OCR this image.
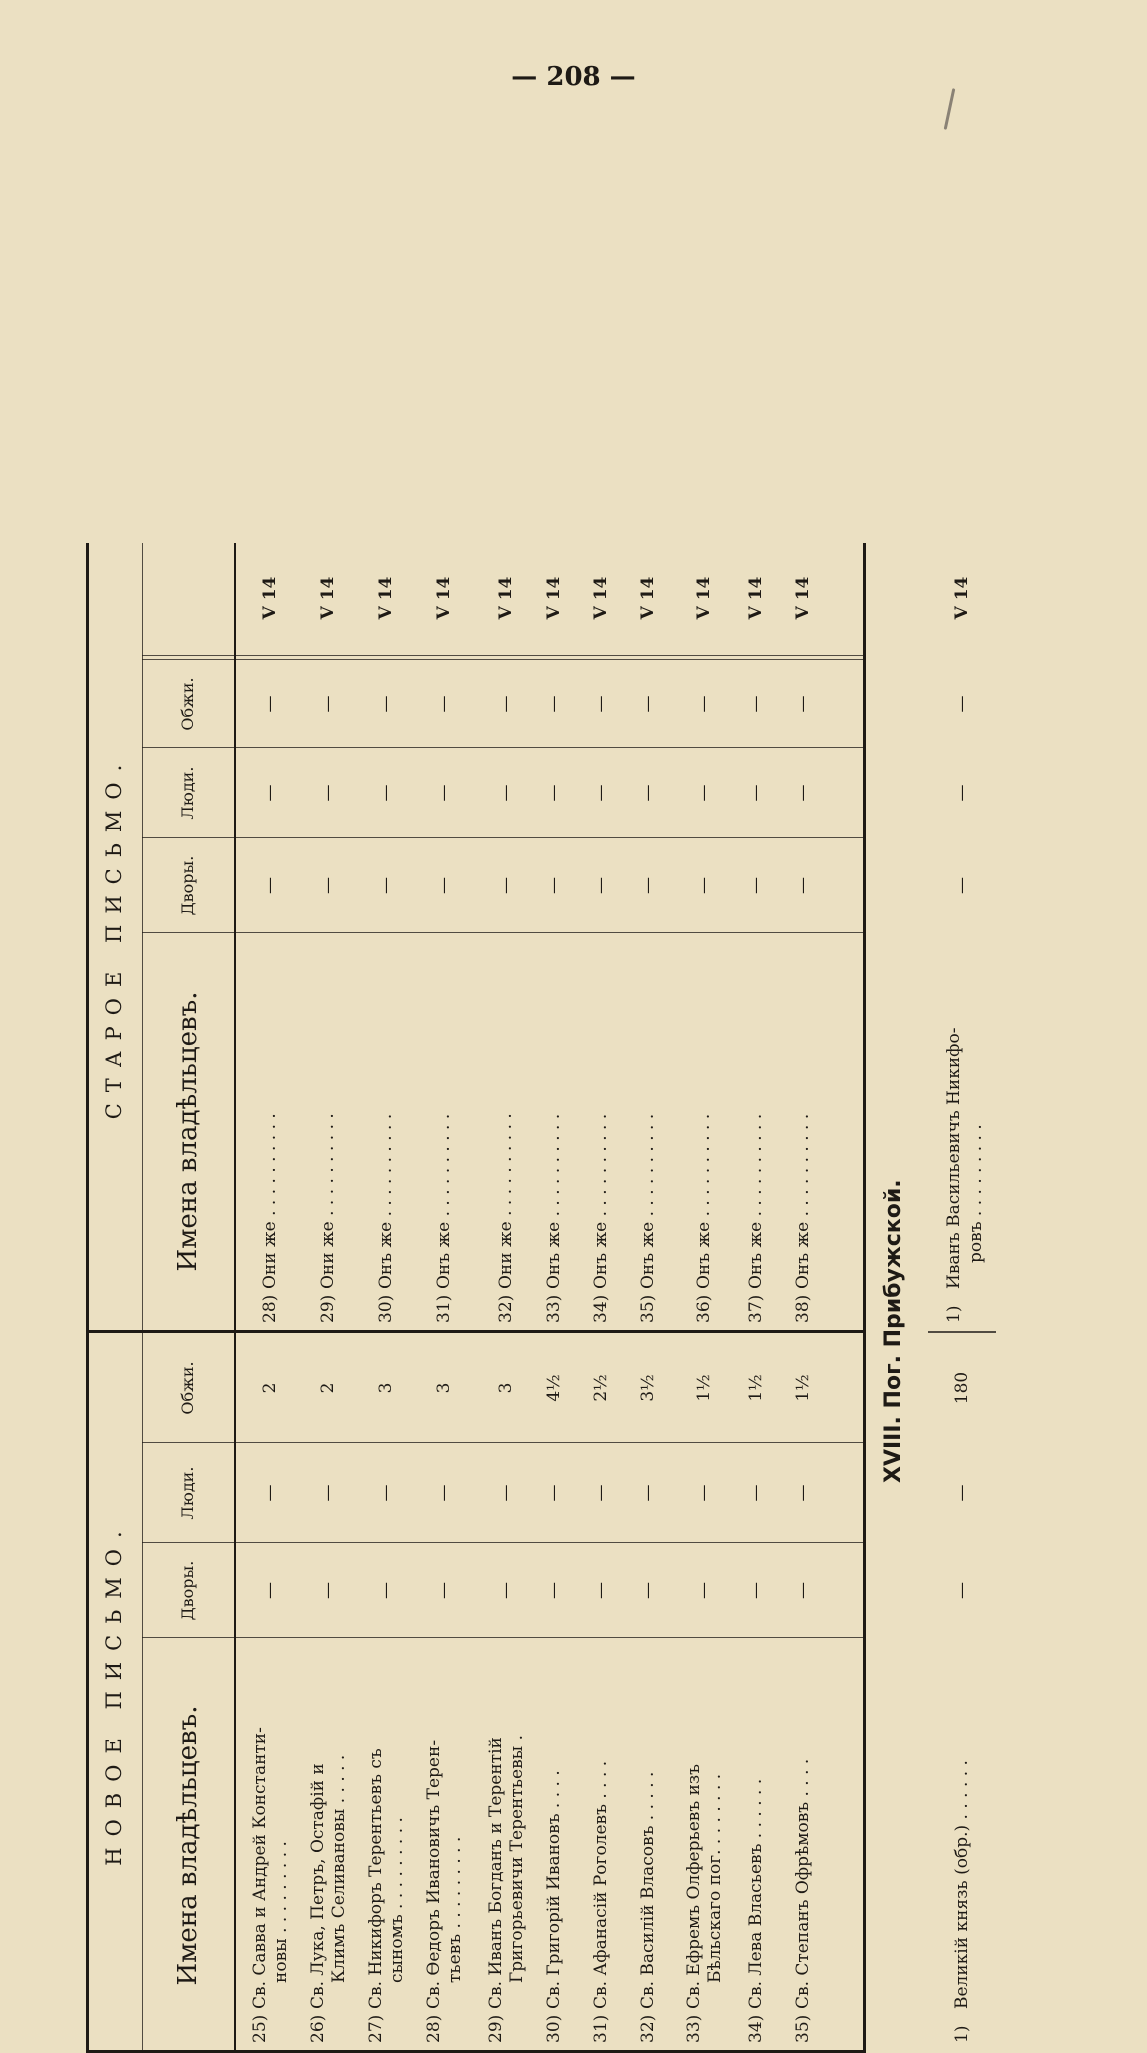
— 208 —
НОВОЕ ПИСЬМО.
СТАРОЕ ПИСЬМО.
Имена владѣльцевъ.
Дворы.
Люди.
Обжи.
Имена владѣльцевъ.
Дворы.
Люди.
Обжи.
25)
Св. Савва и Андрей Константи- новы . . . . . . . . .
—
—
2
28)
Они же . . . . . . . . . .
—
—
—
V 14
26)
Св. Лука, Петръ, Остафій и Климъ Селивановы . . . . .
—
—
2
29)
Они же . . . . . . . . . .
—
—
—
V 14
27)
Св. Никифоръ Терентьевъ съ сыномъ . . . . . . . . .
—
—
3
30)
Онъ же . . . . . . . . . .
—
—
—
V 14
28)
Св. Ѳедоръ Ивановичъ Терен- тьевъ . . . . . . . . .
—
—
3
31)
Онъ же . . . . . . . . . .
—
—
—
V 14
29)
Св. Иванъ Богданъ и Терентій Григорьевичи Терентьевы .
—
—
3
32)
Они же . . . . . . . . . .
—
—
—
V 14
30)
Св. Григорій Ивановъ . . . .
—
—
4½
33)
Онъ же . . . . . . . . . .
—
—
—
V 14
31)
Св. Афанасій Роголевъ . . . .
—
—
2½
34)
Онъ же . . . . . . . . . .
—
—
—
V 14
32)
Св. Василій Власовъ . . . . .
—
—
3½
35)
Онъ же . . . . . . . . . .
—
—
—
V 14
33)
Св. Ефремъ Олферьевъ изъ Бѣльскаго пог. . . . . . . .
—
—
1½
36)
Онъ же . . . . . . . . . .
—
—
—
V 14
34)
Св. Лева Власьевъ . . . . . .
—
—
1½
37)
Онъ же . . . . . . . . . .
—
—
—
V 14
35)
Св. Степанъ Офрѣмовъ . . . .
—
—
1½
38)
Онъ же . . . . . . . . . .
—
—
—
V 14
XVIII. Пог. Прибужской.
1)
Великій князь (обр.) . . . . . .
—
—
180
1)
Иванъ Васильевичъ Никифо- ровъ . . . . . . . . .
—
—
—
V 14
